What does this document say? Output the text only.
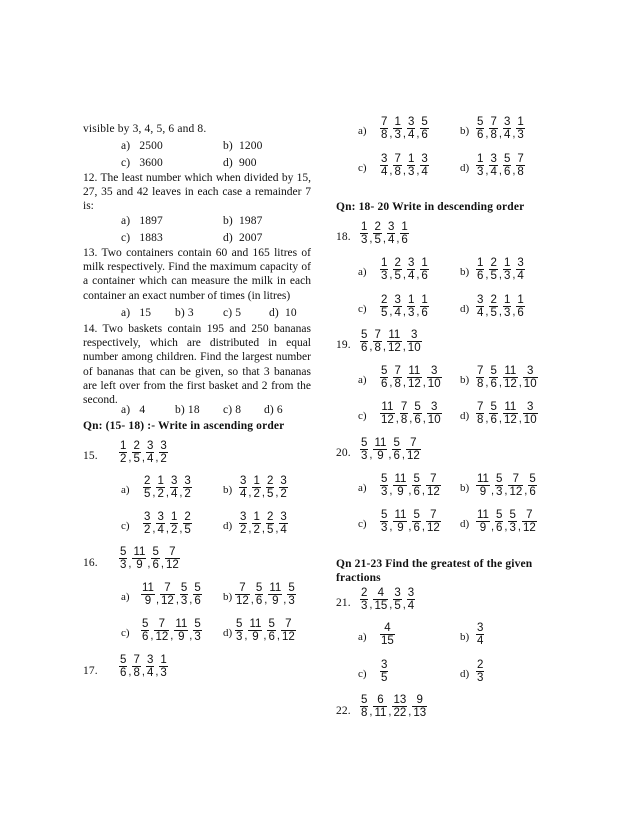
visible by 3, 4, 5, 6 and 8.
a) 2500	b) 1200
c) 3600	d) 900
12. The least number which when divided by 15, 27, 35 and 42 leaves in each case a remainder 7 is:
a) 1897	b) 1987
c) 1883	d) 2007
13. Two containers contain 60 and 165 litres of milk respectively. Find the maximum capacity of a container which can measure the milk in each container an exact number of times (in litres)
a) 15 b) 3	c) 5 d) 10
14. Two baskets contain 195 and 250 bananas respectively, which are distributed in equal number among children. Find the largest number of bananas that can be given, so that 3 bananas are left over from the first basket and 2 from the second.
a) 4	b) 18 c) 8 d) 6
Qn: (15- 18) :- Write in ascending order
15. $\frac{1}{2}$ , $\frac{2}{5}$ , $\frac{3}{4}$ , $\frac{3}{2}$
$a) \frac{2}{5}$ , $\frac{1}{2}$ , $\frac{3}{4}$ , $\frac{3}{2}$	$b) \frac{3}{4}$ , $\frac{1}{2}$ , $\frac{2}{5}$ , $\frac{3}{2}$
$c) \frac{3}{2}$ , $\frac{3}{4}$ , $\frac{1}{2}$ , $\frac{2}{5}$	$d) \frac{3}{2}$ , $\frac{1}{2}$ , $\frac{2}{5}$ , $\frac{3}{4}$
16. $\frac{5}{3}$ , $\frac{11}{9}$ , $\frac{5}{6}$ , $\frac{7}{12}$
$a) \frac{11}{9}$ , $\frac{7}{12}$ , $\frac{5}{3}$ , $\frac{5}{6} b) \frac{7}{12}$ , $\frac{5}{6}$ , $\frac{11}{9}$ , $\frac{5}{3}$
$c) \frac{5}{6}$ , $\frac{7}{12}$ , $\frac{11}{9}$ , $\frac{5}{3} d) \frac{5}{3}$ , $\frac{11}{9}$ , $\frac{5}{6}$ , $\frac{7}{12}$
17. $\frac{5}{6}$ , $\frac{7}{8}$ , $\frac{3}{4}$ , $\frac{1}{3}$
$a) \frac{7}{8}$ , $\frac{1}{3}$ , $\frac{3}{4}$ , $\frac{5}{6}$	$b) \frac{5}{6}$ , $\frac{7}{8}$ , $\frac{3}{4}$ , $\frac{1}{3}$
$c) \frac{3}{4}$ , $\frac{7}{8}$ , $\frac{1}{3}$ , $\frac{3}{4}$	$d) \frac{1}{3}$ , $\frac{3}{4}$ , $\frac{5}{6}$ , $\frac{7}{8}$
Qn: 18- 20 Write in descending order
18. $\frac{1}{3}$ , $\frac{2}{5}$ , $\frac{3}{4}$ , $\frac{1}{6}$
$a) \frac{1}{3}$ , $\frac{2}{5}$ , $\frac{3}{4}$ , $\frac{1}{6}$	$b) \frac{1}{6}$ , $\frac{2}{5}$ , $\frac{1}{3}$ , $\frac{3}{4}$
$c) \frac{2}{5}$ , $\frac{3}{4}$ , $\frac{1}{3}$ , $\frac{1}{6}$	$d) \frac{3}{4}$ , $\frac{2}{5}$ , $\frac{1}{3}$ , $\frac{1}{6}$
19. $\frac{5}{6}$ , $\frac{7}{8}$ , $\frac{11}{12}$ , $\frac{3}{10}$
$a) \frac{5}{6}$ , $\frac{7}{8}$ , $\frac{11}{12}$ , $\frac{3}{10} b) \frac{7}{8}$ , $\frac{5}{6}$ , $\frac{11}{12}$ , $\frac{3}{10}$
$c) \frac{11}{12}$ , $\frac{7}{8}$ , $\frac{5}{6}$ , $\frac{3}{10} d) \frac{7}{8}$ , $\frac{5}{6}$ , $\frac{11}{12}$ , $\frac{3}{10}$
20. $\frac{5}{3}$ , $\frac{11}{9}$ , $\frac{5}{6}$ , $\frac{7}{12}$
$a) \frac{5}{3}$ , $\frac{11}{9}$ , $\frac{5}{6}$ , $\frac{7}{12} b) \frac{11}{9}$ , $\frac{5}{3}$ , $\frac{7}{12}$ , $\frac{5}{6}$
$c) \frac{5}{3}$ , $\frac{11}{9}$ , $\frac{5}{6}$ , $\frac{7}{12} d) \frac{11}{9}$ , $\frac{5}{6}$ , $\frac{5}{3}$ , $\frac{7}{12}$
Qn 21-23 Find the greatest of the given fractions
21. $\frac{2}{3}$ , $\frac{4}{15}$ , $\frac{3}{5}$ , $\frac{3}{4}$
$a) \frac{4}{15}$	$b) \frac{3}{4}$
$c) \frac{3}{5}$	$d) \frac{2}{3}$
22. $\frac{5}{8}$ , $\frac{6}{11}$ , $\frac{13}{22}$ , $\frac{9}{13}$
